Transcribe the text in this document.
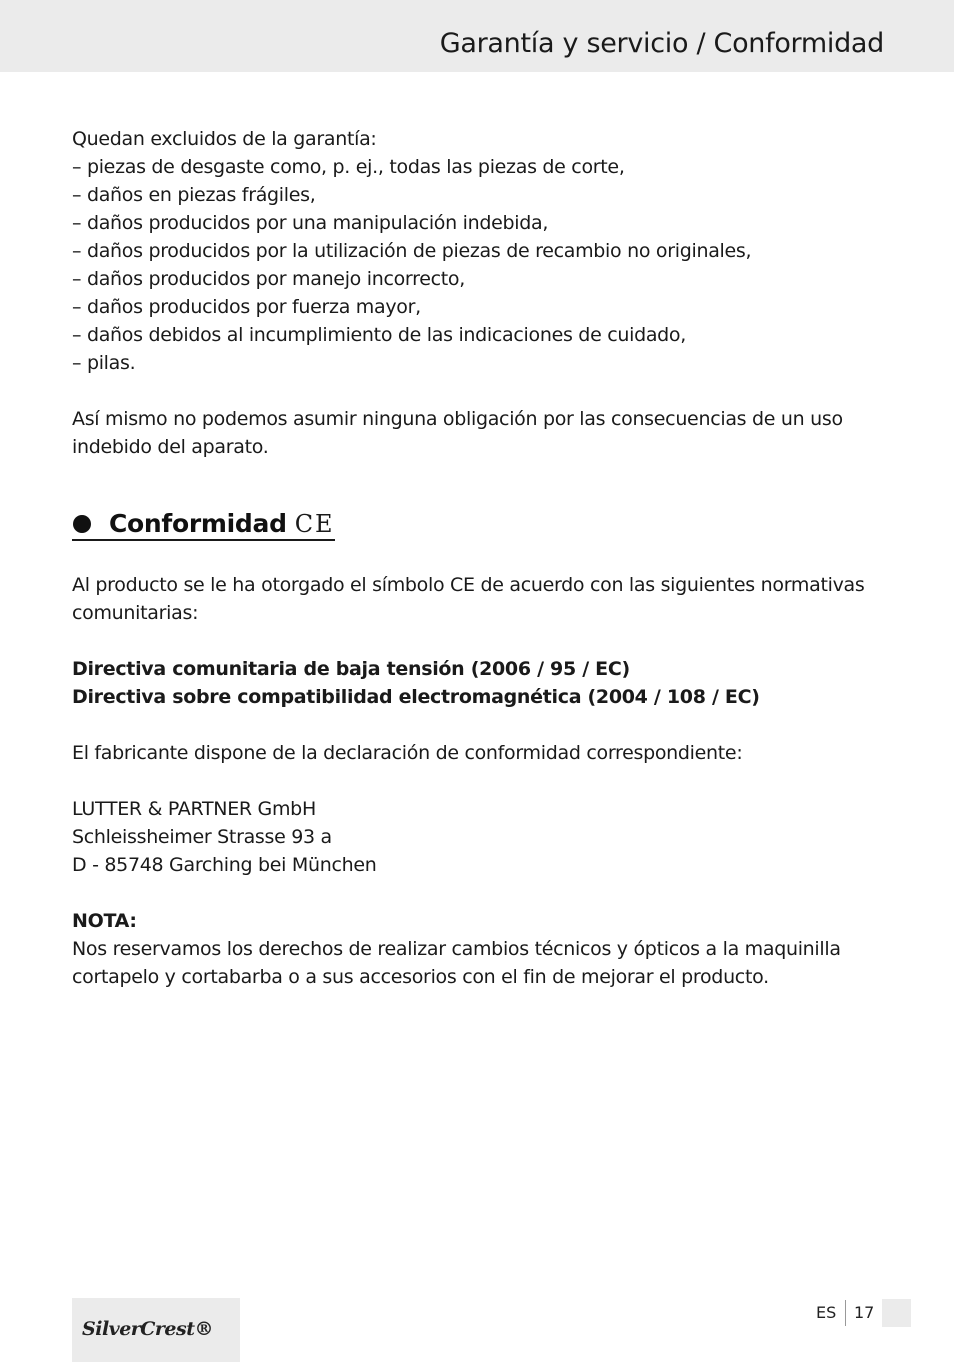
Garantía y servicio / Conformidad

Quedan excluidos de la garantía:

– piezas de desgaste como, p. ej., todas las piezas de corte,
– daños en piezas frágiles,
– daños producidos por una manipulación indebida,
– daños producidos por la utilización de piezas de recambio no originales,
– daños producidos por manejo incorrecto,
– daños producidos por fuerza mayor,
– daños debidos al incumplimiento de las indicaciones de cuidado,
– pilas.

Así mismo no podemos asumir ninguna obligación por las consecuencias de un uso indebido del aparato.

Conformidad CE

Al producto se le ha otorgado el símbolo CE de acuerdo con las siguientes normativas comunitarias:

Directiva comunitaria de baja tensión (2006 / 95 / EC)

Directiva sobre compatibilidad electromagnética (2004 / 108 / EC)

El fabricante dispone de la declaración de conformidad correspondiente:

LUTTER & PARTNER GmbH

Schleissheimer Strasse 93 a

D - 85748 Garching bei München

NOTA:

Nos reservamos los derechos de realizar cambios técnicos y ópticos a la maquinilla cortapelo y cortabarba o a sus accesorios con el fin de mejorar el producto.

SilverCrest®
ES 17
